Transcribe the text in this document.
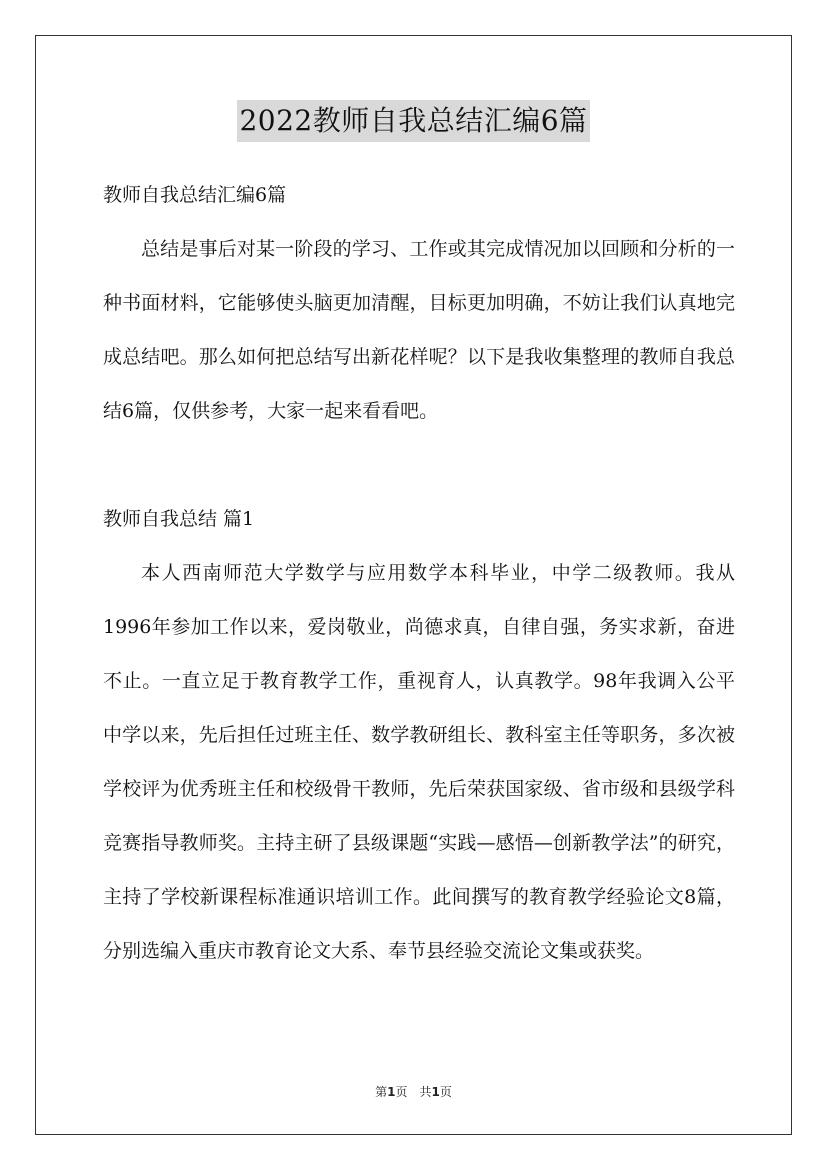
2022教师自我总结汇编6篇

教师自我总结汇编6篇

总结是事后对某一阶段的学习、工作或其完成情况加以回顾和分析的一种书面材料，它能够使头脑更加清醒，目标更加明确，不妨让我们认真地完成总结吧。那么如何把总结写出新花样呢？以下是我收集整理的教师自我总结6篇，仅供参考，大家一起来看看吧。

教师自我总结 篇1

本人西南师范大学数学与应用数学本科毕业，中学二级教师。我从1996年参加工作以来，爱岗敬业，尚德求真，自律自强，务实求新，奋进不止。一直立足于教育教学工作，重视育人，认真教学。98年我调入公平中学以来，先后担任过班主任、数学教研组长、教科室主任等职务，多次被学校评为优秀班主任和校级骨干教师，先后荣获国家级、省市级和县级学科竞赛指导教师奖。主持主研了县级课题“实践—感悟—创新教学法”的研究，主持了学校新课程标准通识培训工作。此间撰写的教育教学经验论文8篇，分别选编入重庆市教育论文大系、奉节县经验交流论文集或获奖。

第1页 共1页
